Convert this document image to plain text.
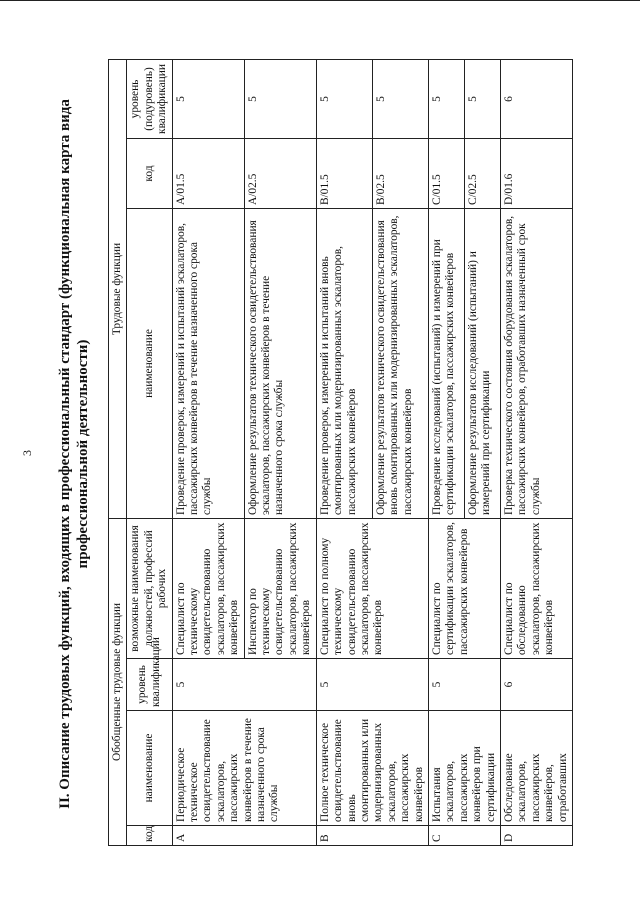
3 II. Описание трудовых функций, входящих в профессиональный стандарт (функциональная карта вида профессиональной деятельности)
Обобщенные трудовые функции				Трудовые функции		
код	наименование	уровень квалификации	возможные наименования должностей, профессий рабочих	наименование	код	уровень (подуровень) квалификации
A	Периодическое техническое освидетельствование эскалаторов, пассажирских конвейеров в течение назначенного срока службы	5	Специалист по техническому освидетельствованию эскалаторов, пассажирских конвейеров Инспектор по техническому освидетельствованию эскалаторов, пассажирских конвейеров	Проведение проверок, измерений и испытаний эскалаторов, пассажирских конвейеров в течение назначенного срока службы	A/01.5	5
				Оформление результатов технического освидетельствования эскалаторов, пассажирских конвейеров в течение назначенного срока службы	A/02.5	5
B	Полное техническое освидетельствование вновь смонтированных или модернизированных эскалаторов, пассажирских конвейеров	5	Специалист по полному техническому освидетельствованию эскалаторов, пассажирских конвейеров	Проведение проверок, измерений и испытаний вновь смонтированных или модернизированных эскалаторов, пассажирских конвейеров	B/01.5	5
				Оформление результатов технического освидетельствования вновь смонтированных или модернизированных эскалаторов, пассажирских конвейеров	B/02.5	5
C	Испытания эскалаторов, пассажирских конвейеров при сертификации	5	Специалист по сертификации эскалаторов, пассажирских конвейеров	Проведение исследований (испытаний) и измерений при сертификации эскалаторов, пассажирских конвейеров	C/01.5	5
				Оформление результатов исследований (испытаний) и измерений при сертификации	C/02.5	5
D	Обследование эскалаторов, пассажирских конвейеров, отработавших	6	Специалист по обследованию эскалаторов, пассажирских конвейеров	Проверка технического состояния оборудования эскалаторов, пассажирских конвейеров, отработавших назначенный срок службы	D/01.6	6
